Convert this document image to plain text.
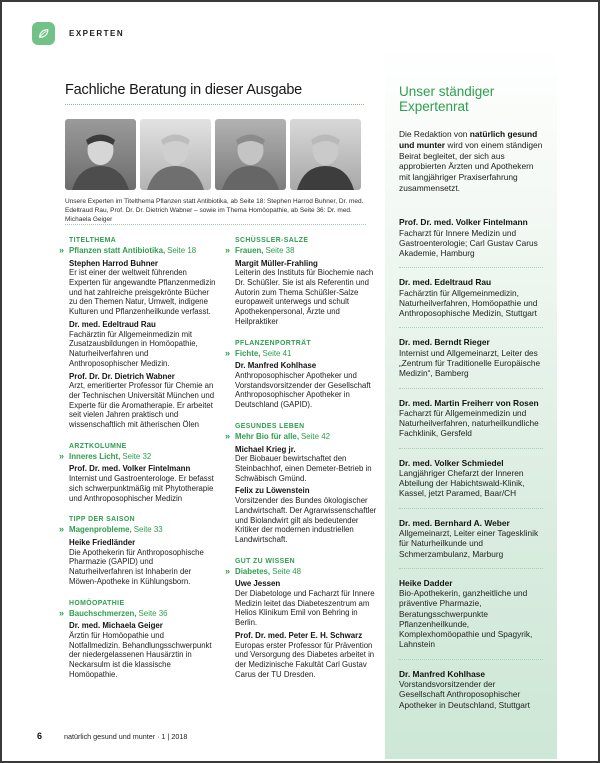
EXPERTEN
Fachliche Beratung in dieser Ausgabe
Unsere Experten im Titelthema Pflanzen statt Antibiotika, ab Seite 18: Stephen Harrod Buhner, Dr. med. Edeltraud Rau, Prof. Dr. Dr. Dietrich Wabner – sowie im Thema Homöopathie, ab Seite 36: Dr. med. Michaela Geiger
TITELTHEMA
» Pflanzen statt Antibiotika, Seite 18
Stephen Harrod Buhner
Er ist einer der weltweit führenden Experten für angewandte Pflanzenmedizin und hat zahlreiche preisgekrönte Bücher zu den Themen Natur, Umwelt, indigene Kulturen und Pflanzenheilkunde verfasst.
Dr. med. Edeltraud Rau
Fachärztin für Allgemeinmedizin mit Zusatzausbildungen in Homöopathie, Naturheilverfahren und Anthroposophischer Medizin.
Prof. Dr. Dr. Dietrich Wabner
Arzt, emeritierter Professor für Chemie an der Technischen Universität München und Experte für die Aromatherapie. Er arbeitet seit vielen Jahren praktisch und wissenschaftlich mit ätherischen Ölen
ARZTKOLUMNE
» Inneres Licht, Seite 32
Prof. Dr. med. Volker Fintelmann
Internist und Gastroenterologe. Er befasst sich schwerpunktmäßig mit Phytotherapie und Anthroposophischer Medizin
TIPP DER SAISON
» Magenprobleme, Seite 33
Heike Friedländer
Die Apothekerin für Anthroposophische Pharmazie (GAPID) und Naturheilverfahren ist Inhaberin der Möwen-Apotheke in Kühlungsborn.
HOMÖOPATHIE
» Bauchschmerzen, Seite 36
Dr. med. Michaela Geiger
Ärztin für Homöopathie und Notfallmedizin. Behandlungsschwerpunkt der niedergelassenen Hausärztin in Neckarsulm ist die klassische Homöopathie.
SCHÜSSLER-SALZE
» Frauen, Seite 38
Margit Müller-Frahling
Leiterin des Instituts für Biochemie nach Dr. Schüßler. Sie ist als Referentin und Autorin zum Thema Schüßler-Salze europaweit unterwegs und schult Apothekenpersonal, Ärzte und Heilpraktiker
PFLANZENPORTRÄT
» Fichte, Seite 41
Dr. Manfred Kohlhase
Anthroposophischer Apotheker und Vorstandsvorsitzender der Gesellschaft Anthroposophischer Apotheker in Deutschland (GAPID).
GESUNDES LEBEN
» Mehr Bio für alle, Seite 42
Michael Krieg jr.
Der Biobauer bewirtschaftet den Steinbachhof, einen Demeter-Betrieb in Schwäbisch Gmünd.
Felix zu Löwenstein
Vorsitzender des Bundes ökologischer Landwirtschaft. Der Agrarwissenschaftler und Biolandwirt gilt als bedeutender Kritiker der modernen industriellen Landwirtschaft.
GUT ZU WISSEN
» Diabetes, Seite 48
Uwe Jessen
Der Diabetologe und Facharzt für Innere Medizin leitet das Diabeteszentrum am Helios Klinikum Emil von Behring in Berlin.
Prof. Dr. med. Peter E. H. Schwarz
Europas erster Professor für Prävention und Versorgung des Diabetes arbeitet in der Medizinische Fakultät Carl Gustav Carus der TU Dresden.
Unser ständiger Expertenrat
Die Redaktion von natürlich gesund und munter wird von einem ständigen Beirat begleitet, der sich aus approbierten Ärzten und Apothekern mit langjähriger Praxiserfahrung zusammensetzt.
Prof. Dr. med. Volker Fintelmann
Facharzt für Innere Medizin und Gastroenterologie; Carl Gustav Carus Akademie, Hamburg
Dr. med. Edeltraud Rau
Fachärztin für Allgemeinmedizin, Naturheilverfahren, Homöopathie und Anthroposophische Medizin, Stuttgart
Dr. med. Berndt Rieger
Internist und Allgemeinarzt, Leiter des „Zentrum für Traditionelle Europäische Medizin“, Bamberg
Dr. med. Martin Freiherr von Rosen
Facharzt für Allgemeinmedizin und Naturheilverfahren, naturheilkundliche Fachklinik, Gersfeld
Dr. med. Volker Schmiedel
Langjähriger Chefarzt der Inneren Abteilung der Habichtswald-Klinik, Kassel, jetzt Paramed, Baar/CH
Dr. med. Bernhard A. Weber
Allgemeinarzt, Leiter einer Tagesklinik für Naturheilkunde und Schmerzambulanz, Marburg
Heike Dadder
Bio-Apothekerin, ganzheitliche und präventive Pharmazie, Beratungsschwerpunkte Pflanzenheilkunde, Komplexhomöopathie und Spagyrik, Lahnstein
Dr. Manfred Kohlhase
Vorstandsvorsitzender der Gesellschaft Anthroposophischer Apotheker in Deutschland, Stuttgart
6	natürlich gesund und munter · 1 | 2018
